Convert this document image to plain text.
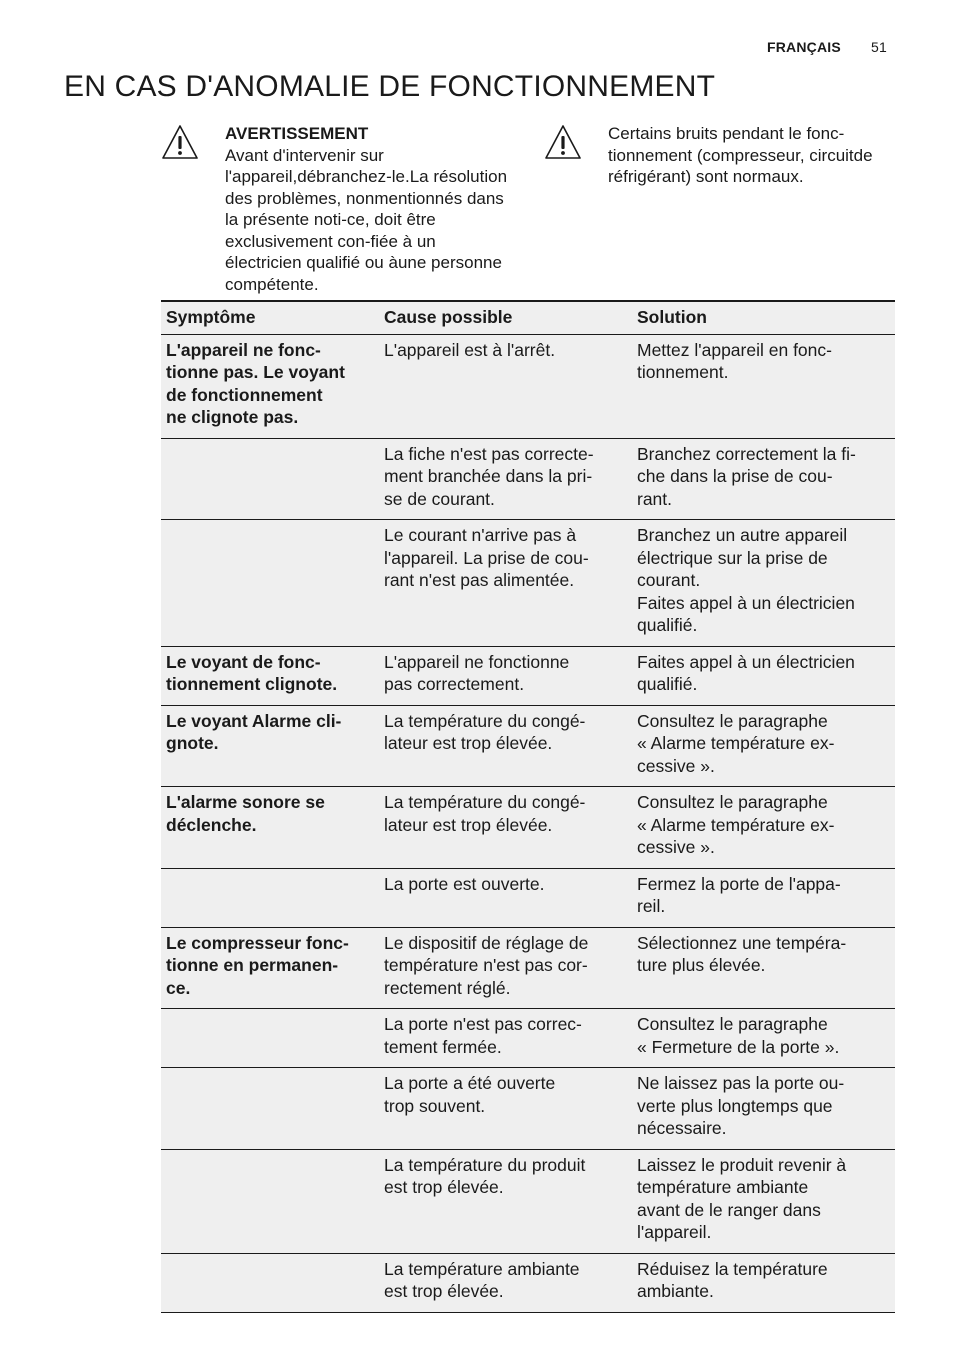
FRANÇAIS 51
EN CAS D'ANOMALIE DE FONCTIONNEMENT
AVERTISSEMENT
Avant d'intervenir sur l'appareil,débranchez-le.La résolution des problèmes, nonmentionnés dans la présente noti-ce, doit être exclusivement con-fiée à un électricien qualifié ou àune personne compétente.
Certains bruits pendant le fonc-tionnement (compresseur, circuitde réfrigérant) sont normaux.
Symptôme	Cause possible	Solution

L'appareil ne fonc-
tionne pas. Le voyant
de fonctionnement
ne clignote pas.	L'appareil est à l'arrêt.	Mettez l'appareil en fonc-
tionnement.

	La fiche n'est pas correcte-
ment branchée dans la pri-
se de courant.	Branchez correctement la fi-
che dans la prise de cou-
rant.

	Le courant n'arrive pas à
l'appareil. La prise de cou-
rant n'est pas alimentée.	Branchez un autre appareil
électrique sur la prise de
courant.
Faites appel à un électricien
qualifié.

Le voyant de fonc-
tionnement clignote.	L'appareil ne fonctionne
pas correctement.	Faites appel à un électricien
qualifié.

Le voyant Alarme cli-
gnote.	La température du congé-
lateur est trop élevée.	Consultez le paragraphe
« Alarme température ex-
cessive ».

L'alarme sonore se
déclenche.	La température du congé-
lateur est trop élevée.	Consultez le paragraphe
« Alarme température ex-
cessive ».

	La porte est ouverte.	Fermez la porte de l'appa-
reil.

Le compresseur fonc-
tionne en permanen-
ce.	Le dispositif de réglage de
température n'est pas cor-
rectement réglé.	Sélectionnez une tempéra-
ture plus élevée.

	La porte n'est pas correc-
tement fermée.	Consultez le paragraphe
« Fermeture de la porte ».

	La porte a été ouverte
trop souvent.	Ne laissez pas la porte ou-
verte plus longtemps que
nécessaire.

	La température du produit
est trop élevée.	Laissez le produit revenir à
température ambiante
avant de le ranger dans
l'appareil.

	La température ambiante
est trop élevée.	Réduisez la température
ambiante.
